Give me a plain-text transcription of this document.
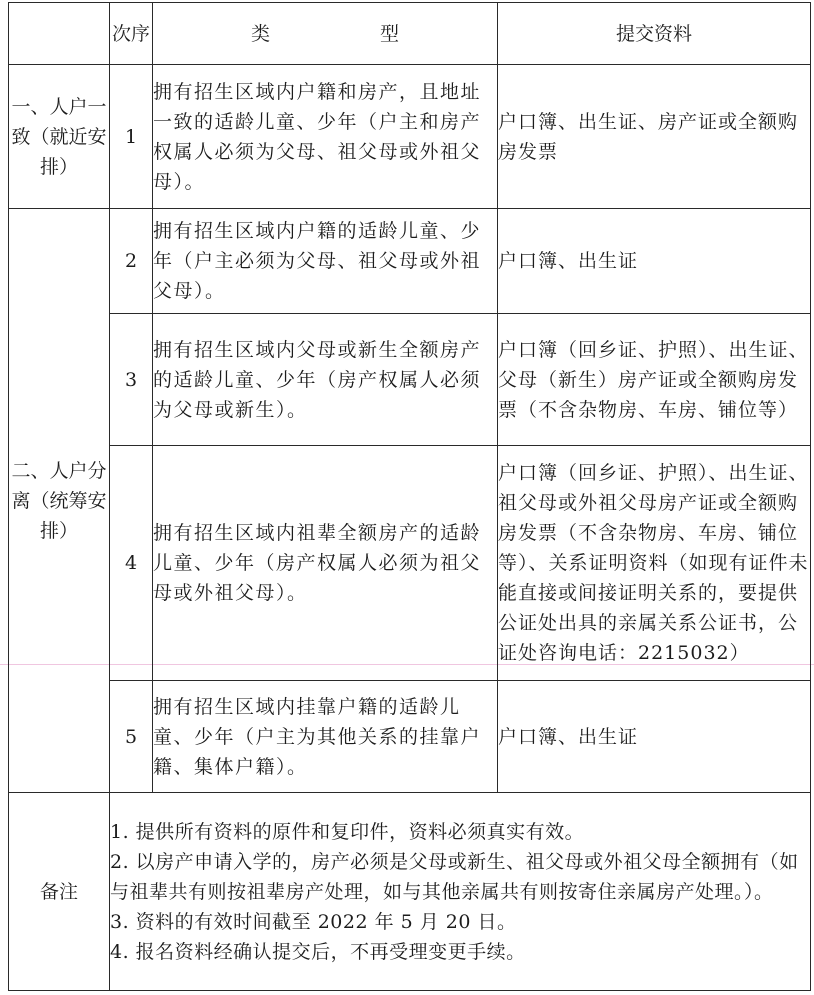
	次序	类 型	提交资料
一、人户一致（就近安排）	1	拥有招生区域内户籍和房产，且地址一致的适龄儿童、少年（户主和房产权属人必须为父母、祖父母或外祖父母）。	户口簿、出生证、房产证或全额购房发票
二、人户分离（统筹安排）	2	拥有招生区域内户籍的适龄儿童、少年（户主必须为父母、祖父母或外祖父母）。	户口簿、出生证
	3	拥有招生区域内父母或新生全额房产的适龄儿童、少年（房产权属人必须为父母或新生）。	户口簿（回乡证、护照）、出生证、父母（新生）房产证或全额购房发票（不含杂物房、车房、铺位等）
	4	拥有招生区域内祖辈全额房产的适龄儿童、少年（房产权属人必须为祖父母或外祖父母）。	户口簿（回乡证、护照）、出生证、祖父母或外祖父母房产证或全额购房发票（不含杂物房、车房、铺位等）、关系证明资料（如现有证件未能直接或间接证明关系的，要提供公证处出具的亲属关系公证书，公证处咨询电话：2215032）
	5	拥有招生区域内挂靠户籍的适龄儿童、少年（户主为其他关系的挂靠户籍、集体户籍）。	户口簿、出生证
备注	1. 提供所有资料的原件和复印件，资料必须真实有效。
2. 以房产申请入学的，房产必须是父母或新生、祖父母或外祖父母全额拥有（如与祖辈共有则按祖辈房产处理，如与其他亲属共有则按寄住亲属房产处理。）。
3. 资料的有效时间截至 2022 年 5 月 20 日。
4. 报名资料经确认提交后，不再受理变更手续。		
